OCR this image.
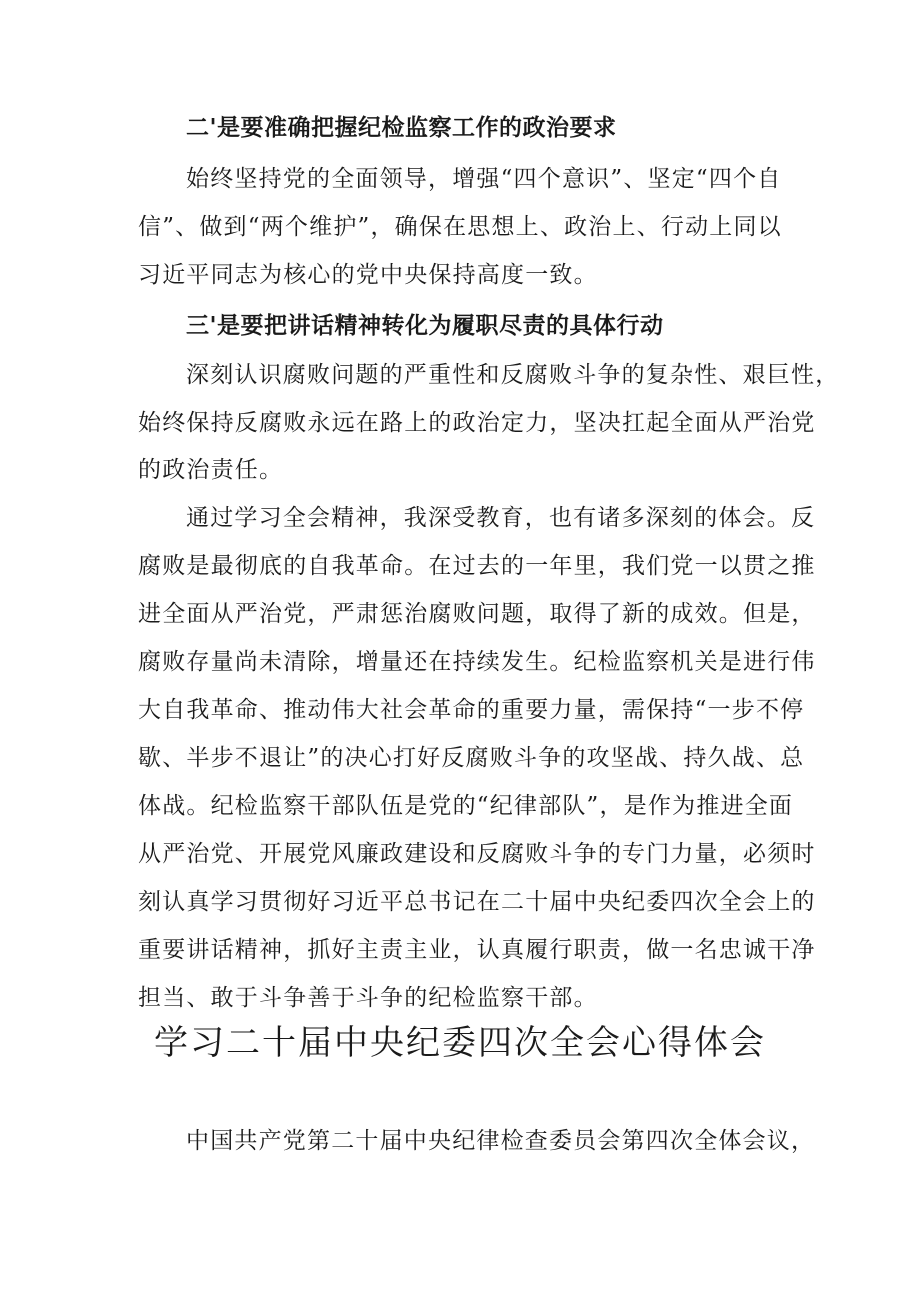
二'是要准确把握纪检监察工作的政治要求
始终坚持党的全面领导，增强“四个意识”、坚定“四个自
信”、做到“两个维护”，确保在思想上、政治上、行动上同以
习近平同志为核心的党中央保持高度一致。
三'是要把讲话精神转化为履职尽责的具体行动
深刻认识腐败问题的严重性和反腐败斗争的复杂性、艰巨性，
始终保持反腐败永远在路上的政治定力，坚决扛起全面从严治党
的政治责任。
通过学习全会精神，我深受教育，也有诸多深刻的体会。反
腐败是最彻底的自我革命。在过去的一年里，我们党一以贯之推
进全面从严治党，严肃惩治腐败问题，取得了新的成效。但是，
腐败存量尚未清除，增量还在持续发生。纪检监察机关是进行伟
大自我革命、推动伟大社会革命的重要力量，需保持“一步不停
歇、半步不退让”的决心打好反腐败斗争的攻坚战、持久战、总
体战。纪检监察干部队伍是党的“纪律部队”，是作为推进全面
从严治党、开展党风廉政建设和反腐败斗争的专门力量，必须时
刻认真学习贯彻好习近平总书记在二十届中央纪委四次全会上的
重要讲话精神，抓好主责主业，认真履行职责，做一名忠诚干净
担当、敢于斗争善于斗争的纪检监察干部。
学习二十届中央纪委四次全会心得体会
中国共产党第二十届中央纪律检查委员会第四次全体会议，
